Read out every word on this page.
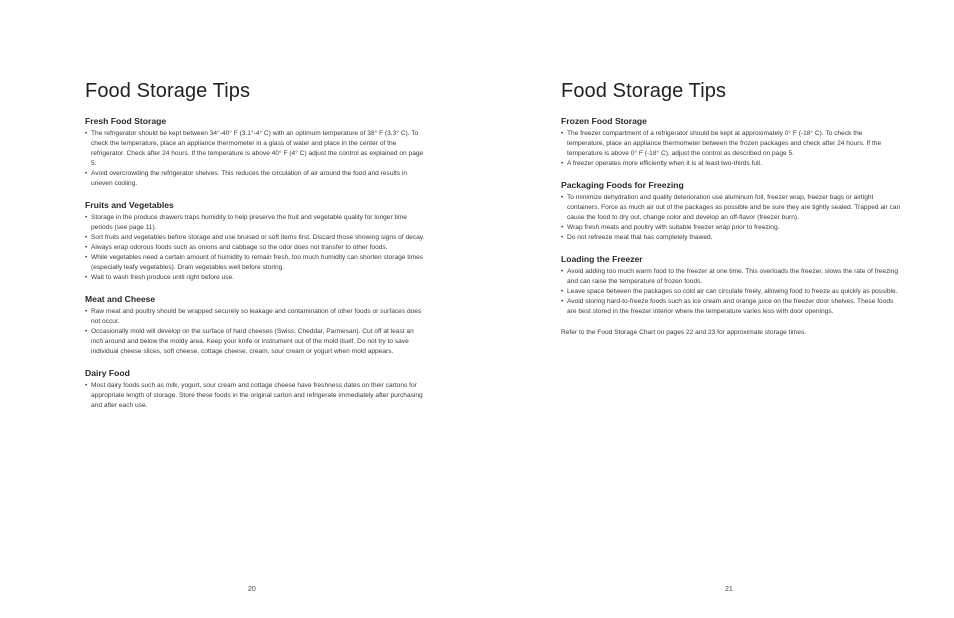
Food Storage Tips
Fresh Food Storage
• The refrigerator should be kept between 34°-40° F (3.1°-4° C) with an optimum temperature of 38° F (3.3° C). To check the temperature, place an appliance thermometer in a glass of water and place in the center of the refrigerator. Check after 24 hours. If the temperature is above 40° F (4° C) adjust the control as explained on page 5.
• Avoid overcrowding the refrigerator shelves. This reduces the circulation of air around the food and results in uneven cooling.
Fruits and Vegetables
• Storage in the produce drawers traps humidity to help preserve the fruit and vegetable quality for longer time periods (see page 11).
• Sort fruits and vegetables before storage and use bruised or soft items first. Discard those showing signs of decay.
• Always wrap odorous foods such as onions and cabbage so the odor does not transfer to other foods.
• While vegetables need a certain amount of humidity to remain fresh, too much humidity can shorten storage times (especially leafy vegetables). Drain vegetables well before storing.
• Wait to wash fresh produce until right before use.
Meat and Cheese
• Raw meat and poultry should be wrapped securely so leakage and contamination of other foods or surfaces does not occur.
• Occasionally mold will develop on the surface of hard cheeses (Swiss, Cheddar, Parmesan). Cut off at least an inch around and below the moldy area. Keep your knife or instrument out of the mold itself. Do not try to save individual cheese slices, soft cheese, cottage cheese, cream, sour cream or yogurt when mold appears.
Dairy Food
• Most dairy foods such as milk, yogurt, sour cream and cottage cheese have freshness dates on their cartons for appropriate length of storage. Store these foods in the original carton and refrigerate immediately after purchasing and after each use.
20
Food Storage Tips
Frozen Food Storage
• The freezer compartment of a refrigerator should be kept at approximately 0° F (-18° C). To check the temperature, place an appliance thermometer between the frozen packages and check after 24 hours. If the temperature is above 0° F (-18° C), adjust the control as described on page 5.
• A freezer operates more efficiently when it is at least two-thirds full.
Packaging Foods for Freezing
• To minimize dehydration and quality deterioration use aluminum foil, freezer wrap, freezer bags or airtight containers. Force as much air out of the packages as possible and be sure they are tightly sealed. Trapped air can cause the food to dry out, change color and develop an off-flavor (freezer burn).
• Wrap fresh meats and poultry with suitable freezer wrap prior to freezing.
• Do not refreeze meat that has completely thawed.
Loading the Freezer
• Avoid adding too much warm food to the freezer at one time. This overloads the freezer, slows the rate of freezing and can raise the temperature of frozen foods.
• Leave space between the packages so cold air can circulate freely, allowing food to freeze as quickly as possible.
• Avoid storing hard-to-freeze foods such as ice cream and orange juice on the freezer door shelves. These foods are best stored in the freezer interior where the temperature varies less with door openings.

Refer to the Food Storage Chart on pages 22 and 23 for approximate storage times.

21
